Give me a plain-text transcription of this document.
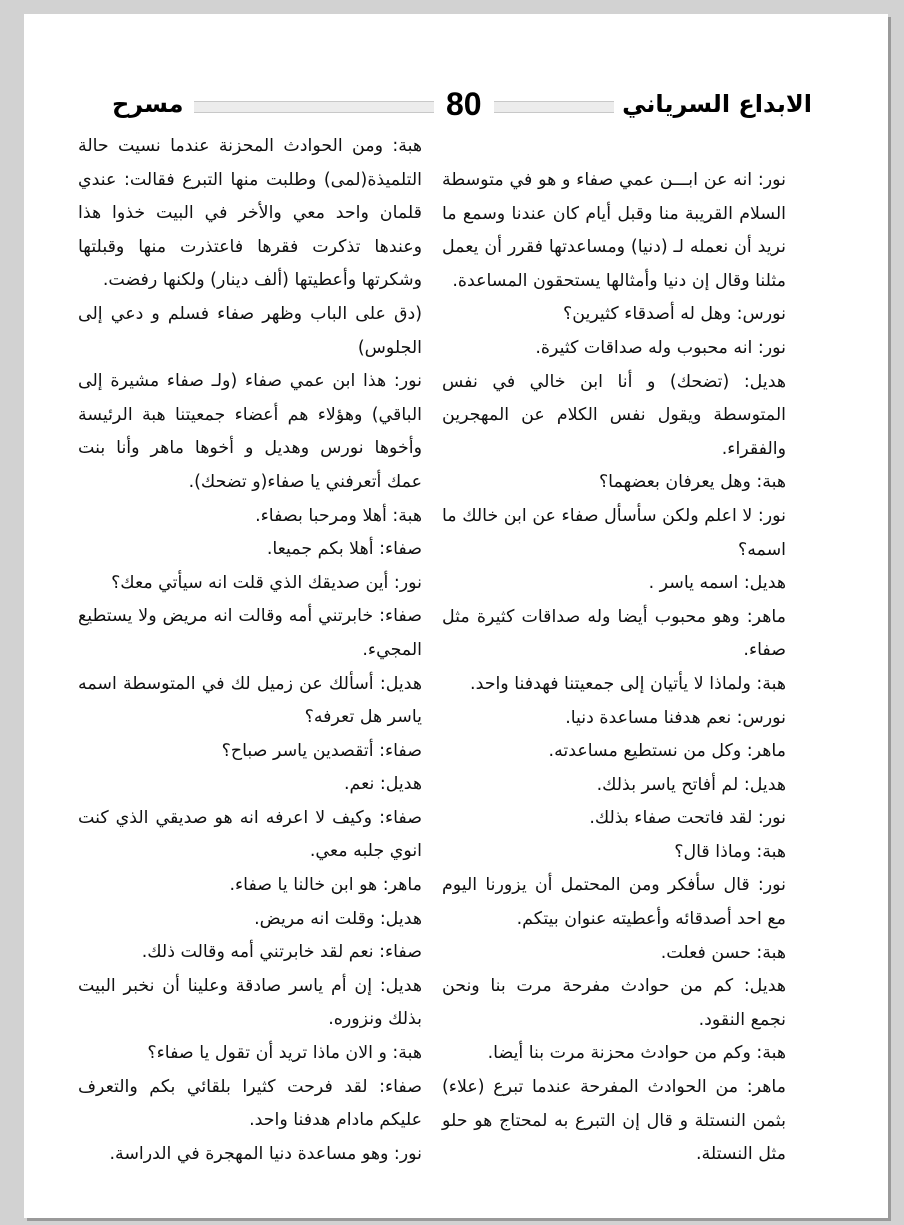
مسرح	80	الابداع السرياني

نور: انه عن ابـــن عمي صفاء و هو في متوسطة السلام القريبة منا وقبل أيام كان عندنا وسمع ما نريد أن نعمله لـ (دنيا) ومساعدتها فقرر أن يعمل مثلنا وقال إن دنيا وأمثالها يستحقون المساعدة.

نورس: وهل له أصدقاء كثيرين؟

نور: انه محبوب وله صداقات كثيرة.

هديل: (تضحك) و أنا ابن خالي في نفس المتوسطة ويقول نفس الكلام عن المهجرين والفقراء.

هبة: وهل يعرفان بعضهما؟

نور: لا اعلم ولكن سأسأل صفاء عن ابن خالك ما اسمه؟

هديل: اسمه ياسر .

ماهر: وهو محبوب أيضا وله صداقات كثيرة مثل صفاء.

هبة: ولماذا لا يأتيان إلى جمعيتنا فهدفنا واحد.

نورس: نعم هدفنا مساعدة دنيا.

ماهر: وكل من نستطيع مساعدته.

هديل: لم أفاتح ياسر بذلك.

نور: لقد فاتحت صفاء بذلك.

هبة: وماذا قال؟

نور: قال سأفكر ومن المحتمل أن يزورنا اليوم مع احد أصدقائه وأعطيته عنوان بيتكم.

هبة: حسن فعلت.

هديل: كم من حوادث مفرحة مرت بنا ونحن نجمع النقود.

هبة: وكم من حوادث محزنة مرت بنا أيضا.

ماهر: من الحوادث المفرحة عندما تبرع (علاء) بثمن النستلة و قال إن التبرع به لمحتاج هو حلو مثل النستلة.

هبة: ومن الحوادث المحزنة عندما نسيت حالة التلميذة(لمى) وطلبت منها التبرع فقالت: عندي قلمان واحد معي والأخر في البيت خذوا هذا وعندها تذكرت فقرها فاعتذرت منها وقبلتها وشكرتها وأعطيتها (ألف دينار) ولكنها رفضت.

(دق على الباب وظهر صفاء فسلم و دعي إلى الجلوس)

نور: هذا ابن عمي صفاء (ولـ صفاء مشيرة إلى الباقي) وهؤلاء هم أعضاء جمعيتنا هبة الرئيسة وأخوها نورس وهديل و أخوها ماهر وأنا بنت عمك أتعرفني يا صفاء(و تضحك).

هبة: أهلا ومرحبا بصفاء.

صفاء: أهلا بكم جميعا.

نور: أين صديقك الذي قلت انه سيأتي معك؟

صفاء: خابرتني أمه وقالت انه مريض ولا يستطيع المجيء.

هديل: أسألك عن زميل لك في المتوسطة اسمه ياسر هل تعرفه؟

صفاء: أتقصدين ياسر صباح؟

هديل: نعم.

صفاء: وكيف لا اعرفه انه هو صديقي الذي كنت انوي جلبه معي.

ماهر: هو ابن خالنا يا صفاء.

هديل: وقلت انه مريض.

صفاء: نعم لقد خابرتني أمه وقالت ذلك.

هديل: إن أم ياسر صادقة وعلينا أن نخبر البيت بذلك ونزوره.

هبة: و الان ماذا تريد أن تقول يا صفاء؟

صفاء: لقد فرحت كثيرا بلقائي بكم والتعرف عليكم مادام هدفنا واحد.

نور: وهو مساعدة دنيا المهجرة في الدراسة.
